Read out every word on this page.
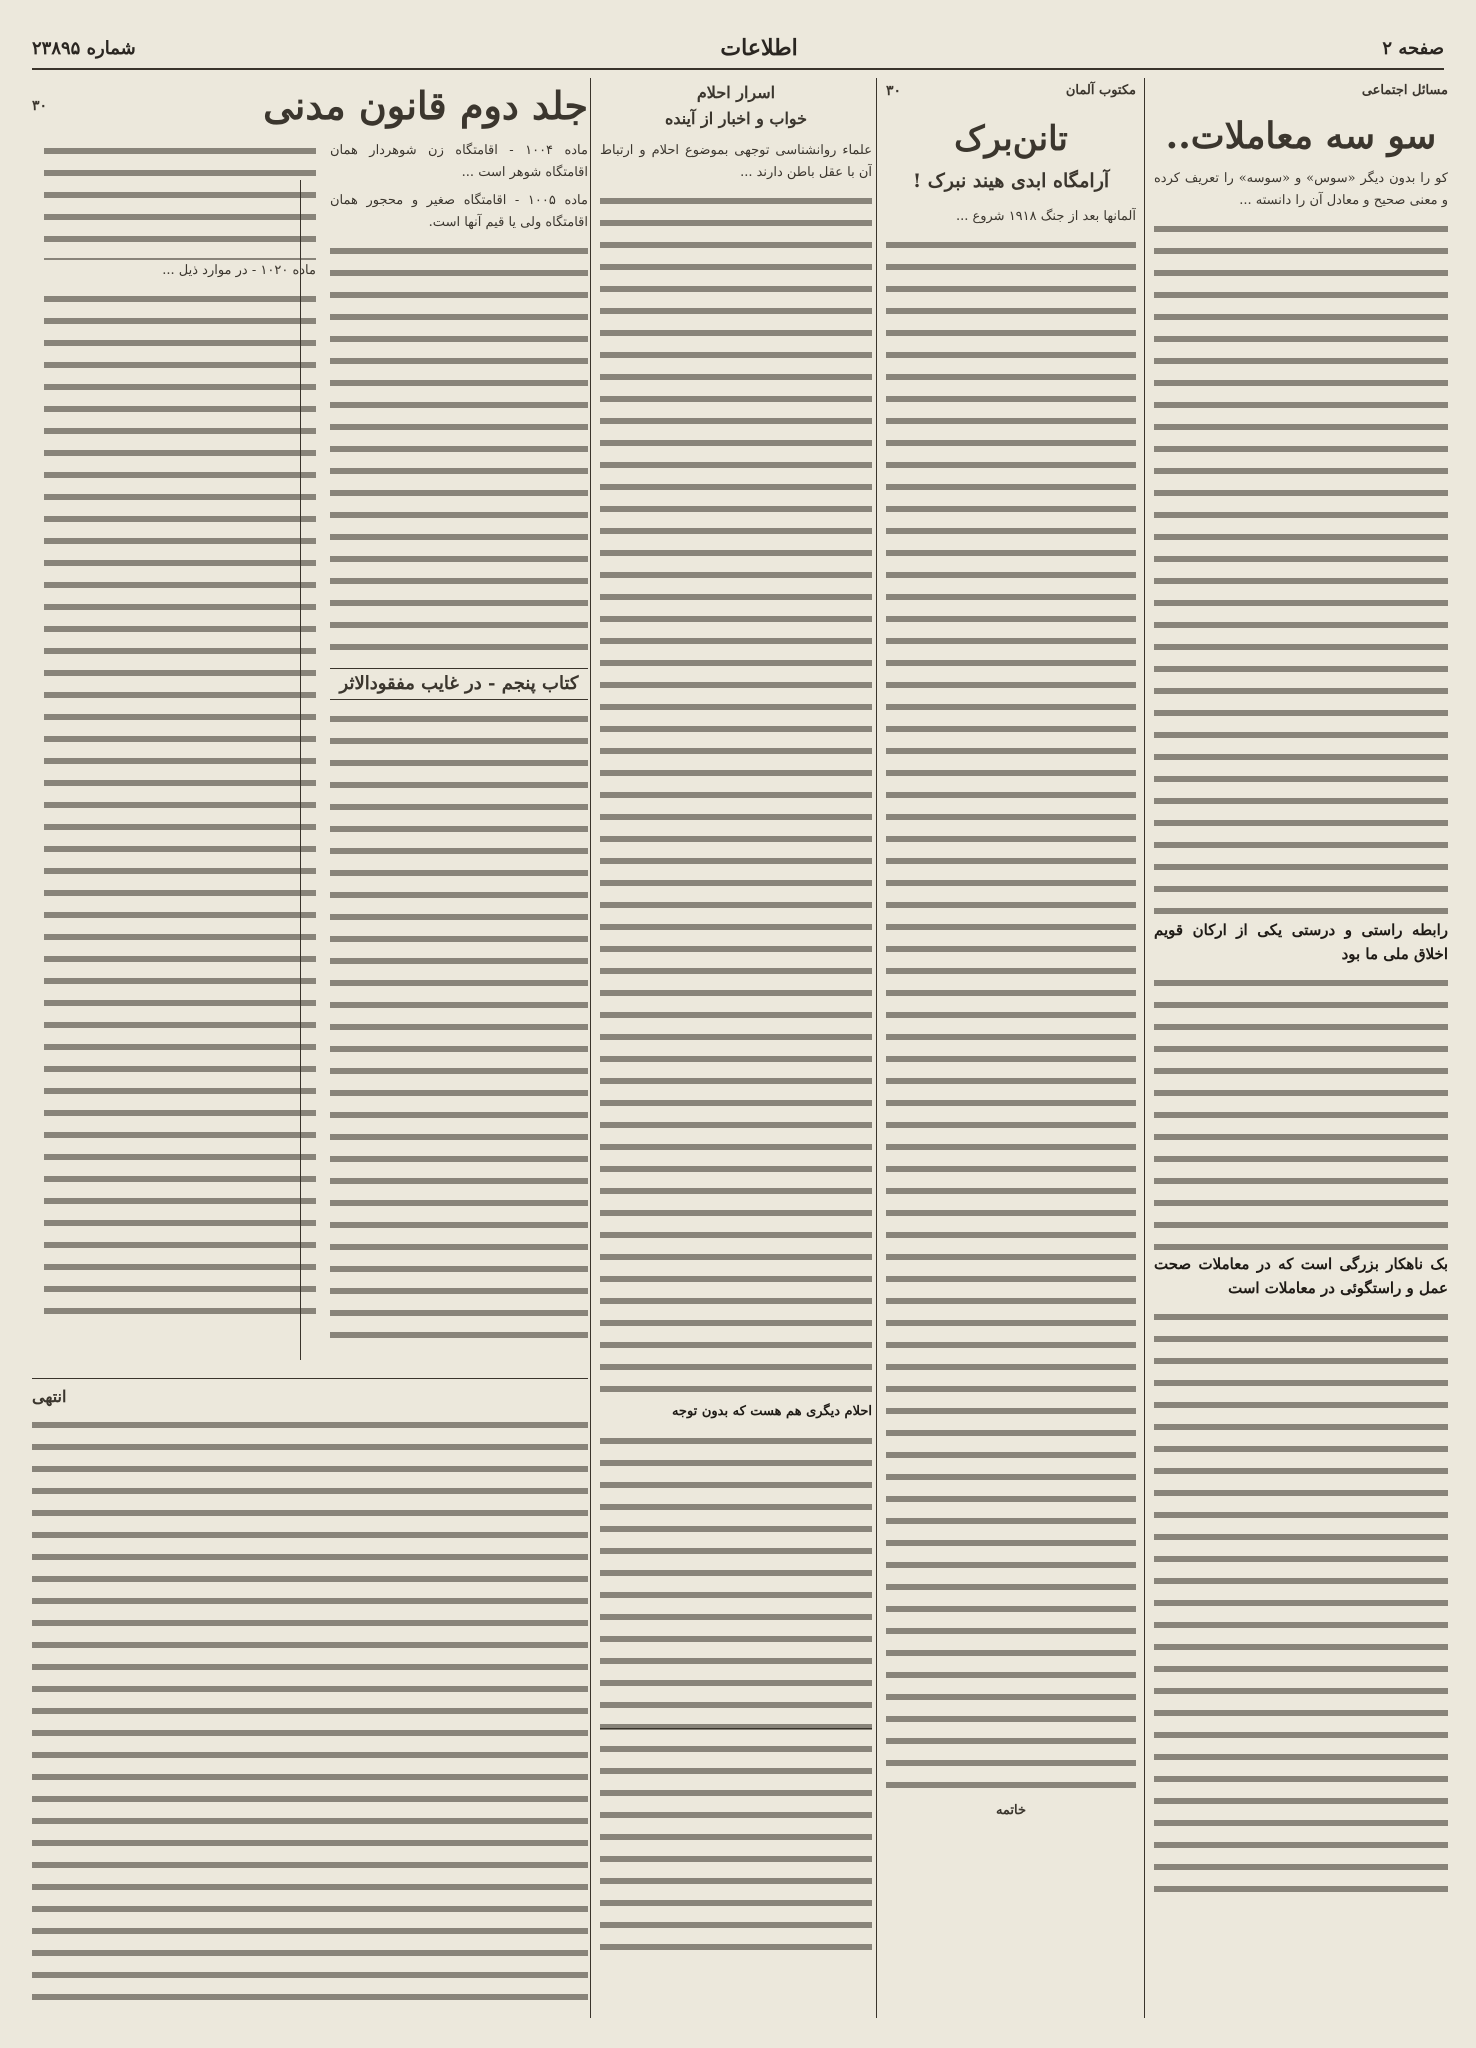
صفحه ۲
اطلاعات
شماره ۲۳۸۹۵
مسائل اجتماعی
سو سه معاملات..

کو را بدون دیگر «سوس» و «سوسه» را تعریف کرده و معنی صحیح و معادل آن را دانسته ...

رابطه راستی و درستی یکی از ارکان قویم اخلاق ملی ما بود

بک ناهکار بزرگی است که در معاملات صحت عمل و راستگوئی در معاملات است

مکتوب آلمان
۳۰
تانن‌برک
آرامگاه ابدی هیند نبرک !

آلمانها بعد از جنگ ۱۹۱۸ شروع ...

خاتمه
اسرار احلام
خواب و اخبار از آینده

علماء روانشناسی توجهی بموضوع احلام و ارتباط آن با عقل باطن دارند ...

احلام دیگری هم هست که بدون توجه

جلد دوم قانون مدنی
۳۰

ماده ۱۰۰۴ - اقامتگاه زن شوهردار همان اقامتگاه شوهر است ...

ماده ۱۰۰۵ - اقامتگاه صغیر و محجور همان اقامتگاه ولی یا قیم آنها است.

کتاب پنجم - در غایب مفقودالاثر

ماده ۱۰۲۰ - در موارد ذیل ...

انتهی
